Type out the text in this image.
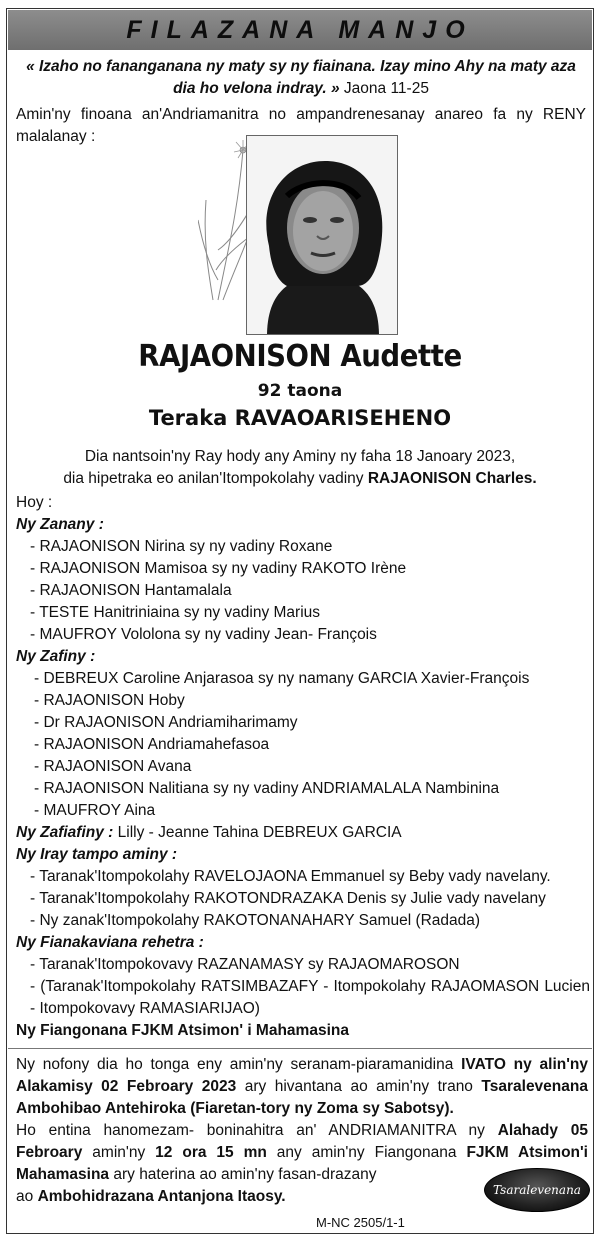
FILAZANA MANJO
« Izaho no fananganana ny maty sy ny fiainana. Izay mino Ahy na maty aza dia ho velona indray. » Jaona 11-25
Amin'ny finoana an'Andriamanitra no ampandrenesanay anareo fa ny RENY malalanay :
RAJAONISON Audette
92 taona
Teraka RAVAOARISEHENO
Dia nantsoin'ny Ray hody any Aminy ny faha 18 Janoary 2023,
dia hipetraka eo anilan'Itompokolahy vadiny RAJAONISON Charles.
Hoy :
Ny Zanany :
- RAJAONISON Nirina sy ny vadiny Roxane
- RAJAONISON Mamisoa sy ny vadiny RAKOTO Irène
- RAJAONISON Hantamalala
- TESTE Hanitriniaina sy ny vadiny Marius
- MAUFROY Vololona sy ny vadiny Jean- François
Ny Zafiny :
- DEBREUX Caroline Anjarasoa sy ny namany GARCIA Xavier-François
- RAJAONISON Hoby
- Dr RAJAONISON Andriamiharimamy
- RAJAONISON Andriamahefasoa
- RAJAONISON Avana
- RAJAONISON Nalitiana sy ny vadiny ANDRIAMALALA Nambinina
- MAUFROY Aina
Ny Zafiafiny : Lilly - Jeanne Tahina DEBREUX GARCIA
Ny Iray tampo aminy :
- Taranak'Itompokolahy RAVELOJAONA Emmanuel sy Beby vady navelany.
- Taranak'Itompokolahy RAKOTONDRAZAKA Denis sy Julie vady navelany
- Ny zanak'Itompokolahy RAKOTONANAHARY Samuel (Radada)
Ny Fianakaviana rehetra :
- Taranak'Itompokovavy RAZANAMASY sy RAJAOMAROSON
- (Taranak'Itompokolahy RATSIMBAZAFY - Itompokolahy RAJAOMASON Lucien - Itompokovavy RAMASIARIJAO)
Ny Fiangonana FJKM Atsimon' i Mahamasina
Ny nofony dia ho tonga eny amin'ny seranam-piaramanidina IVATO ny alin'ny Alakamisy 02 Febroary 2023 ary hivantana ao amin'ny trano Tsaralevenana Ambohibao Antehiroka (Fiaretan-tory ny Zoma sy Sabotsy).
Ho entina hanomezam- boninahitra an' ANDRIAMANITRA ny Alahady 05 Febroary amin'ny 12 ora 15 mn any amin'ny Fiangonana FJKM Atsimon'i Mahamasina ary haterina ao amin'ny fasan-drazany
ao Ambohidrazana Antanjona Itaosy.	Tsaralevenana
M-NC 2505/1-1
